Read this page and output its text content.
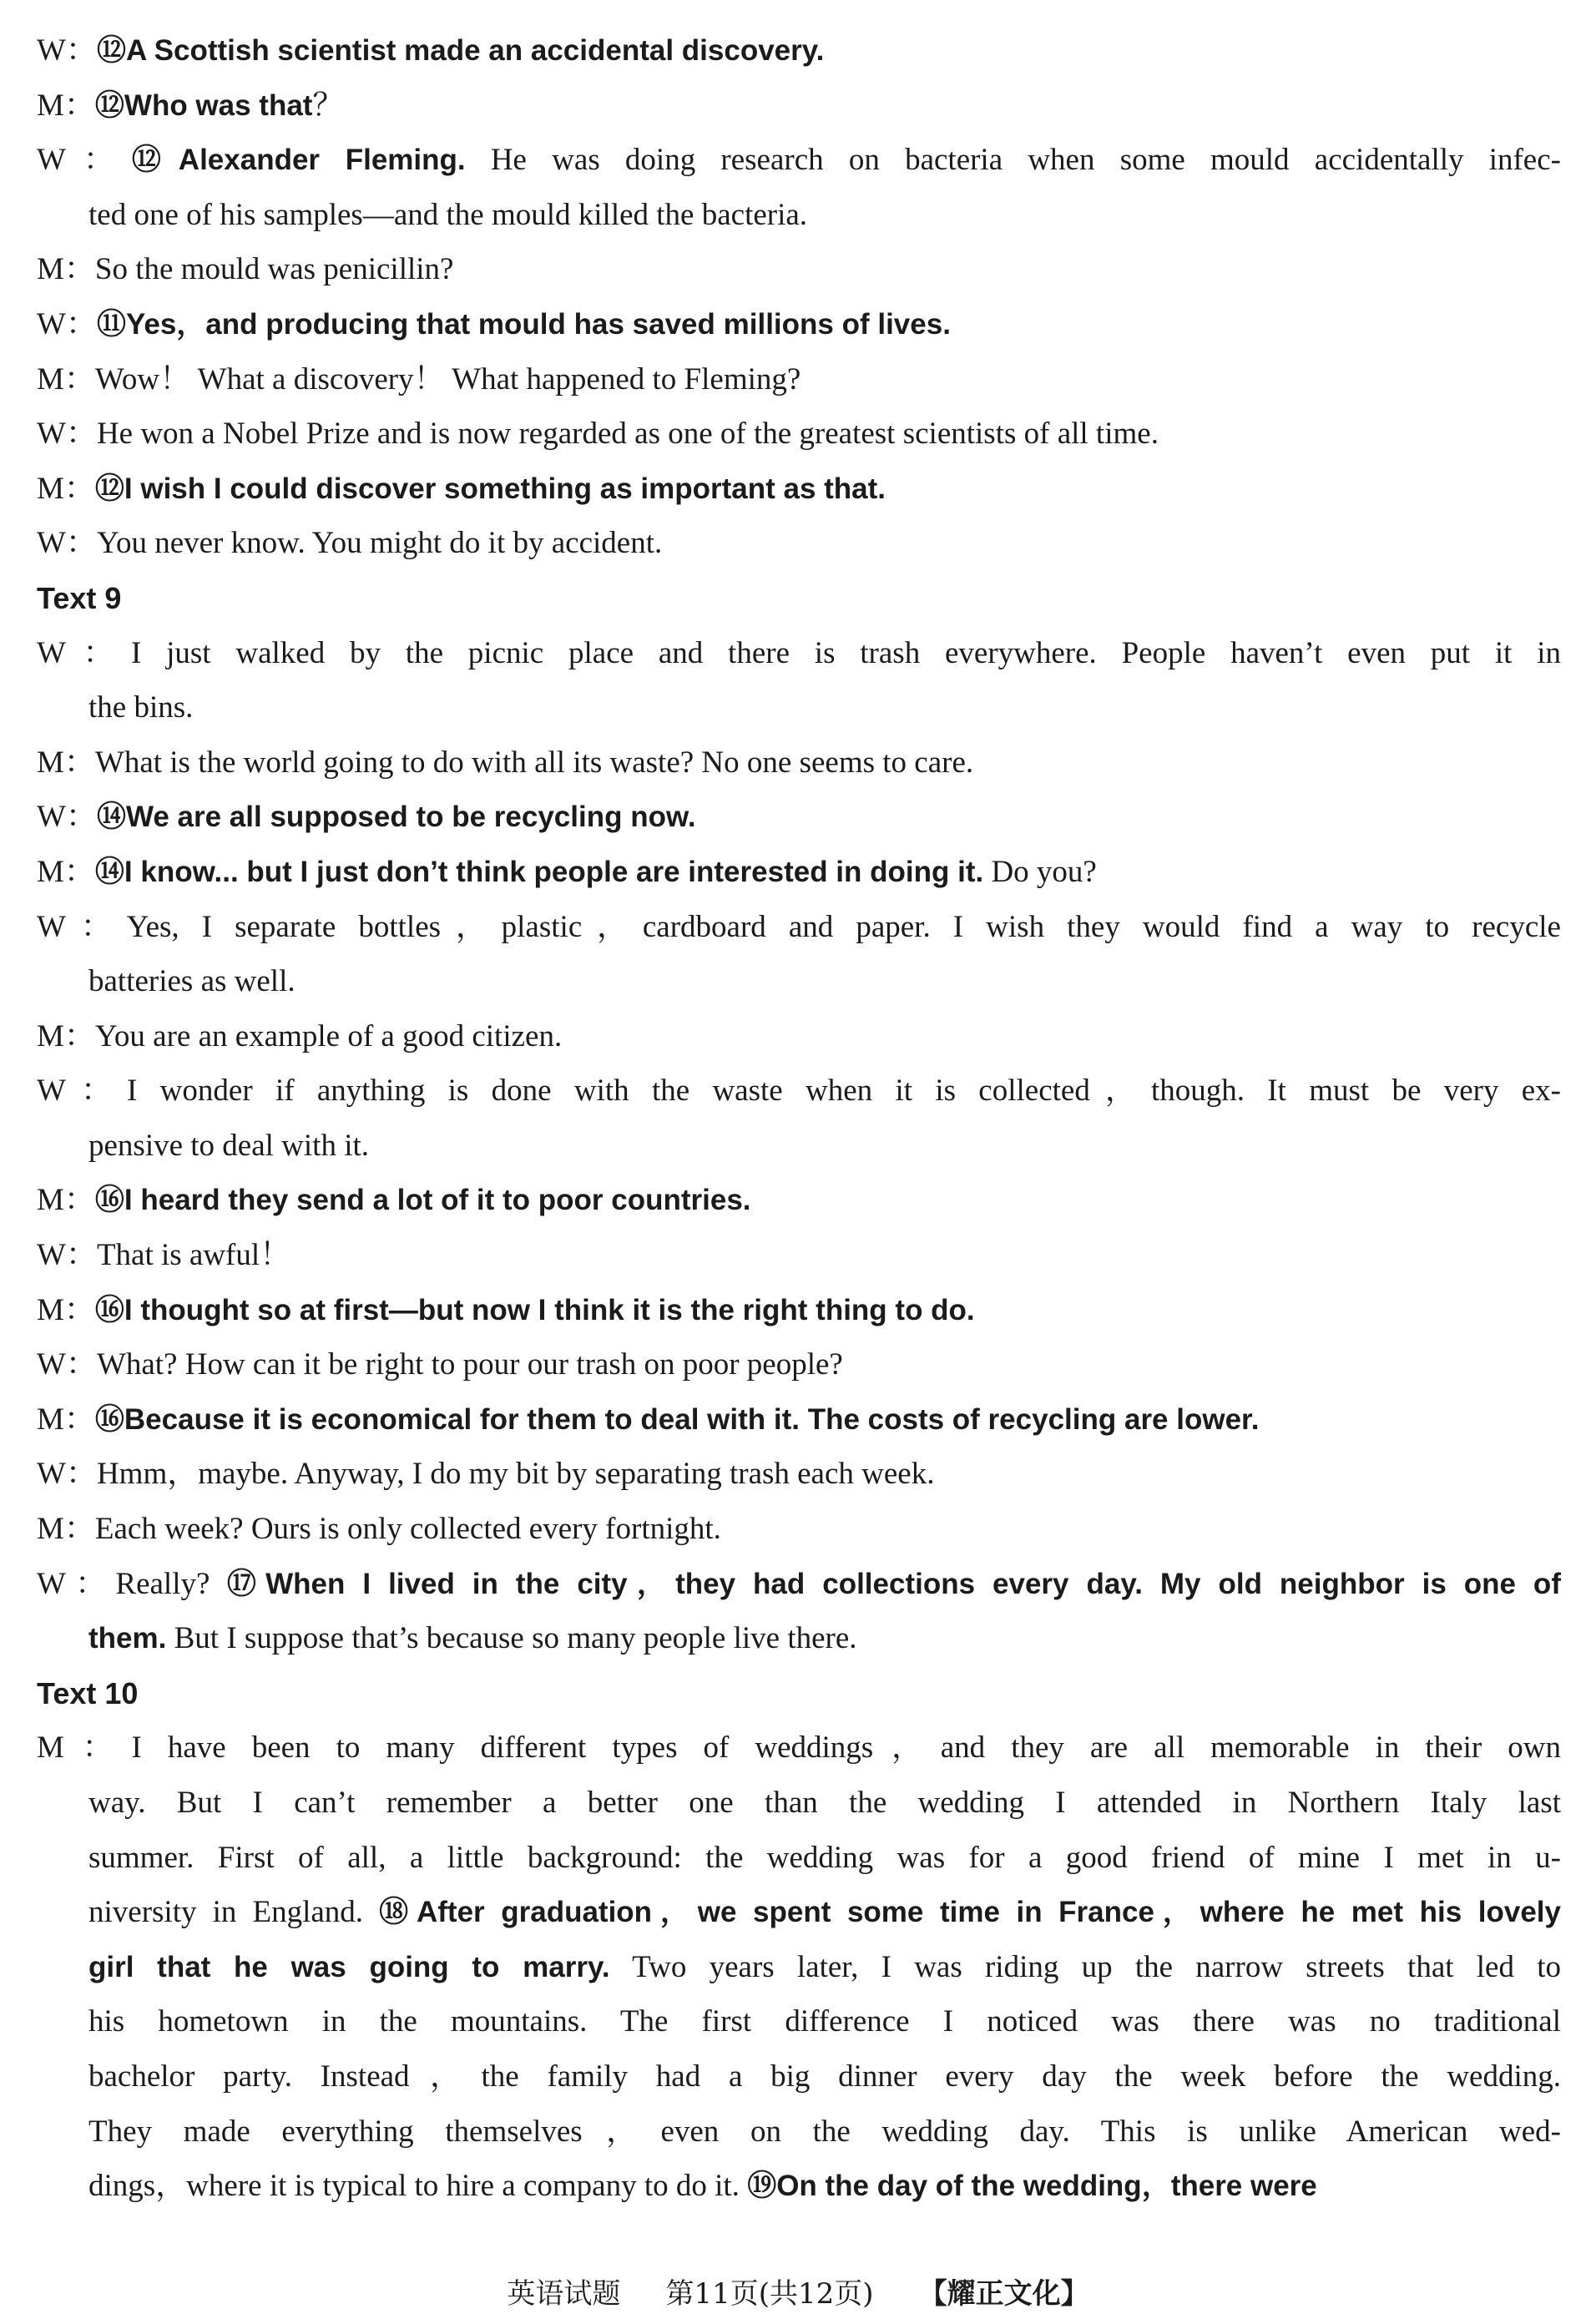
W：⑫A Scottish scientist made an accidental discovery.
M：⑫Who was that？
W：⑫Alexander Fleming. He was doing research on bacteria when some mould accidentally infec-
ted one of his samples—and the mould killed the bacteria.
M：So the mould was penicillin?
W：⑪Yes，and producing that mould has saved millions of lives.
M：Wow！ What a discovery！ What happened to Fleming?
W：He won a Nobel Prize and is now regarded as one of the greatest scientists of all time.
M：⑫I wish I could discover something as important as that.
W：You never know. You might do it by accident.
Text 9
W：I just walked by the picnic place and there is trash everywhere. People haven’t even put it in
the bins.
M：What is the world going to do with all its waste? No one seems to care.
W：⑭We are all supposed to be recycling now.
M：⑭I know... but I just don’t think people are interested in doing it. Do you?
W：Yes, I separate bottles，plastic，cardboard and paper. I wish they would find a way to recycle
batteries as well.
M：You are an example of a good citizen.
W：I wonder if anything is done with the waste when it is collected，though. It must be very ex-
pensive to deal with it.
M：⑯I heard they send a lot of it to poor countries.
W：That is awful！
M：⑯I thought so at first—but now I think it is the right thing to do.
W：What? How can it be right to pour our trash on poor people?
M：⑯Because it is economical for them to deal with it. The costs of recycling are lower.
W：Hmm，maybe. Anyway, I do my bit by separating trash each week.
M：Each week? Ours is only collected every fortnight.
W：Really? ⑰When I lived in the city，they had collections every day. My old neighbor is one of
them. But I suppose that’s because so many people live there.
Text 10
M：I have been to many different types of weddings，and they are all memorable in their own
way. But I can’t remember a better one than the wedding I attended in Northern Italy last
summer. First of all, a little background: the wedding was for a good friend of mine I met in u-
niversity in England. ⑱After graduation，we spent some time in France，where he met his lovely
girl that he was going to marry. Two years later, I was riding up the narrow streets that led to
his hometown in the mountains. The first difference I noticed was there was no traditional
bachelor party. Instead，the family had a big dinner every day the week before the wedding.
They made everything themselves，even on the wedding day. This is unlike American wed-
dings，where it is typical to hire a company to do it. ⑲On the day of the wedding，there were
英语试题 第11页(共12页) 【耀正文化】
